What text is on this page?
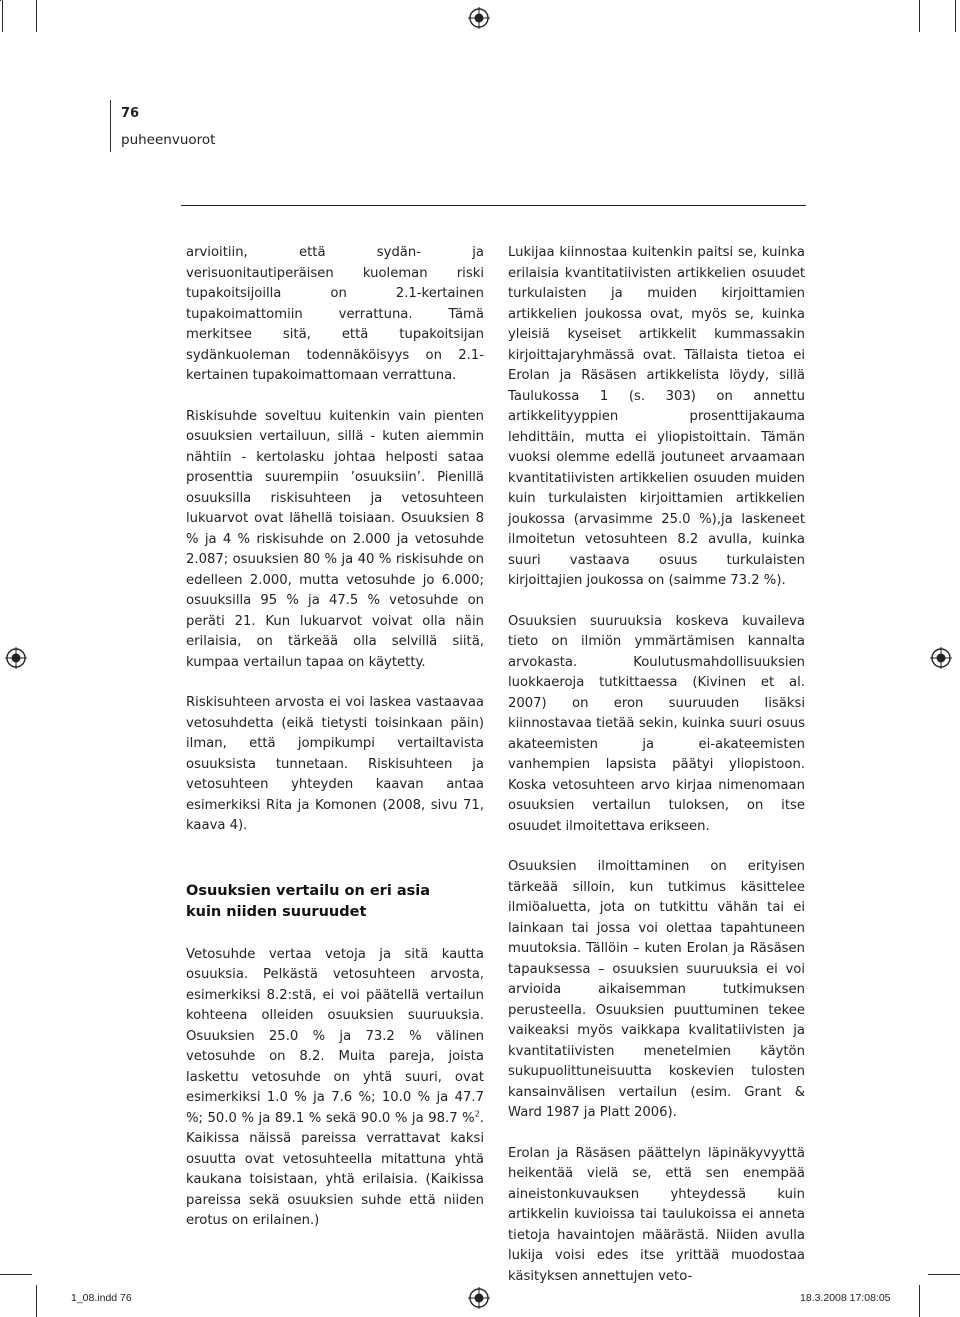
76
puheenvuorot

arvioitiin, että sydän- ja verisuonitautiperäisen kuoleman riski tupakoitsijoilla on 2.1-kertainen tupakoimattomiin verrattuna. Tämä merkitsee sitä, että tupakoitsijan sydänkuoleman todennäköisyys on 2.1-kertainen tupakoimattomaan verrattuna.

Riskisuhde soveltuu kuitenkin vain pienten osuuksien vertailuun, sillä - kuten aiemmin nähtiin - kertolasku johtaa helposti sataa prosenttia suurempiin ’osuuksiin’. Pienillä osuuksilla riskisuhteen ja vetosuhteen lukuarvot ovat lähellä toisiaan. Osuuksien 8 % ja 4 % riskisuhde on 2.000 ja vetosuhde 2.087; osuuksien 80 % ja 40 % riskisuhde on edelleen 2.000, mutta vetosuhde jo 6.000; osuuksilla 95 % ja 47.5 % vetosuhde on peräti 21. Kun lukuarvot voivat olla näin erilaisia, on tärkeää olla selvillä siitä, kumpaa vertailun tapaa on käytetty.

Riskisuhteen arvosta ei voi laskea vastaavaa vetosuhdetta (eikä tietysti toisinkaan päin) ilman, että jompikumpi vertailtavista osuuksista tunnetaan. Riskisuhteen ja vetosuhteen yhteyden kaavan antaa esimerkiksi Rita ja Komonen (2008, sivu 71, kaava 4).

Osuuksien vertailu on eri asia
kuin niiden suuruudet

Vetosuhde vertaa vetoja ja sitä kautta osuuksia. Pelkästä vetosuhteen arvosta, esimerkiksi 8.2:stä, ei voi päätellä vertailun kohteena olleiden osuuksien suuruuksia. Osuuksien 25.0 % ja 73.2 % välinen vetosuhde on 8.2. Muita pareja, joista laskettu vetosuhde on yhtä suuri, ovat esimerkiksi 1.0 % ja 7.6 %; 10.0 % ja 47.7 %; 50.0 % ja 89.1 % sekä 90.0 % ja 98.7 %$^2$. Kaikissa näissä pareissa verrattavat kaksi osuutta ovat vetosuhteella mitattuna yhtä kaukana toisistaan, yhtä erilaisia. (Kaikissa pareissa sekä osuuksien suhde että niiden erotus on erilainen.)

Lukijaa kiinnostaa kuitenkin paitsi se, kuinka erilaisia kvantitatiivisten artikkelien osuudet turkulaisten ja muiden kirjoittamien artikkelien joukossa ovat, myös se, kuinka yleisiä kyseiset artikkelit kummassakin kirjoittajaryhmässä ovat. Tällaista tietoa ei Erolan ja Räsäsen artikkelista löydy, sillä Taulukossa 1 (s. 303) on annettu artikkelityyppien prosenttijakauma lehdittäin, mutta ei yliopistoittain. Tämän vuoksi olemme edellä joutuneet arvaamaan kvantitatiivisten artikkelien osuuden muiden kuin turkulaisten kirjoittamien artikkelien joukossa (arvasimme 25.0 %),ja laskeneet ilmoitetun vetosuhteen 8.2 avulla, kuinka suuri vastaava osuus turkulaisten kirjoittajien joukossa on (saimme 73.2 %).

Osuuksien suuruuksia koskeva kuvaileva tieto on ilmiön ymmärtämisen kannalta arvokasta. Koulutusmahdollisuuksien luokkaeroja tutkittaessa (Kivinen et al. 2007) on eron suuruuden lisäksi kiinnostavaa tietää sekin, kuinka suuri osuus akateemisten ja ei-akateemisten vanhempien lapsista päätyi yliopistoon. Koska vetosuhteen arvo kirjaa nimenomaan osuuksien vertailun tuloksen, on itse osuudet ilmoitettava erikseen.

Osuuksien ilmoittaminen on erityisen tärkeää silloin, kun tutkimus käsittelee ilmiöaluetta, jota on tutkittu vähän tai ei lainkaan tai jossa voi olettaa tapahtuneen muutoksia. Tällöin – kuten Erolan ja Räsäsen tapauksessa – osuuksien suuruuksia ei voi arvioida aikaisemman tutkimuksen perusteella. Osuuksien puuttuminen tekee vaikeaksi myös vaikkapa kvalitatiivisten ja kvantitatiivisten menetelmien käytön sukupuolittuneisuutta koskevien tulosten kansainvälisen vertailun (esim. Grant & Ward 1987 ja Platt 2006).

Erolan ja Räsäsen päättelyn läpinäkyvyyttä heikentää vielä se, että sen enempää aineistonkuvauksen yhteydessä kuin artikkelin kuvioissa tai taulukoissa ei anneta tietoja havaintojen määrästä. Niiden avulla lukija voisi edes itse yrittää muodostaa käsityksen annettujen veto-

1_08.indd 76	18.3.2008 17:08:05
